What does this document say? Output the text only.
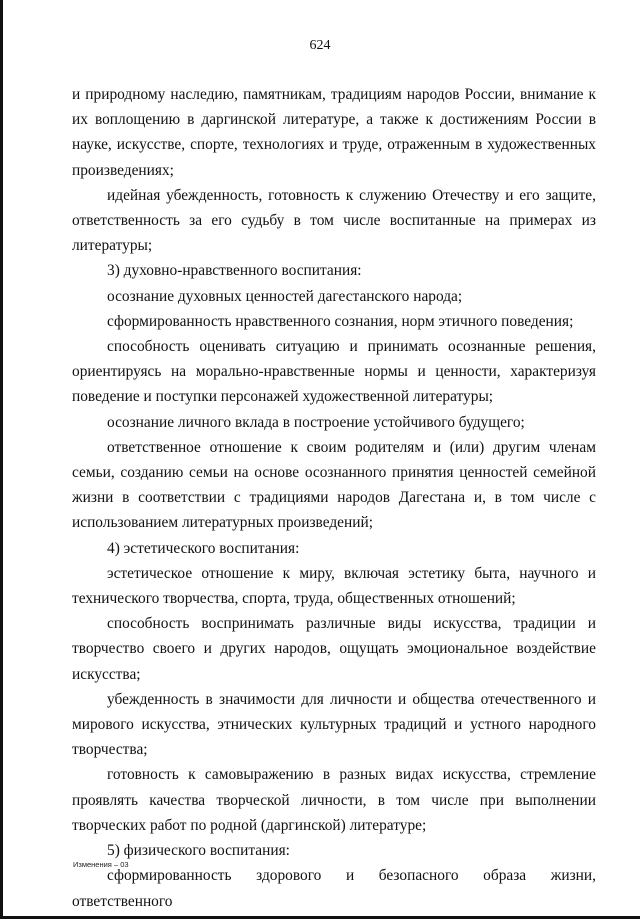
624

и природному наследию, памятникам, традициям народов России, внимание к их воплощению в даргинской литературе, а также к достижениям России в науке, искусстве, спорте, технологиях и труде, отраженным в художественных произведениях;

идейная убежденность, готовность к служению Отечеству и его защите, ответственность за его судьбу в том числе воспитанные на примерах из литературы;

3) духовно-нравственного воспитания:

осознание духовных ценностей дагестанского народа;

сформированность нравственного сознания, норм этичного поведения;

способность оценивать ситуацию и принимать осознанные решения, ориентируясь на морально-нравственные нормы и ценности, характеризуя поведение и поступки персонажей художественной литературы;

осознание личного вклада в построение устойчивого будущего;

ответственное отношение к своим родителям и (или) другим членам семьи, созданию семьи на основе осознанного принятия ценностей семейной жизни в соответствии с традициями народов Дагестана и, в том числе с использованием литературных произведений;

4) эстетического воспитания:

эстетическое отношение к миру, включая эстетику быта, научного и технического творчества, спорта, труда, общественных отношений;

способность воспринимать различные виды искусства, традиции и творчество своего и других народов, ощущать эмоциональное воздействие искусства;

убежденность в значимости для личности и общества отечественного и мирового искусства, этнических культурных традиций и устного народного творчества;

готовность к самовыражению в разных видах искусства, стремление проявлять качества творческой личности, в том числе при выполнении творческих работ по родной (даргинской) литературе;

5) физического воспитания:

сформированность здорового и безопасного образа жизни, ответственного

Изменения – 03
